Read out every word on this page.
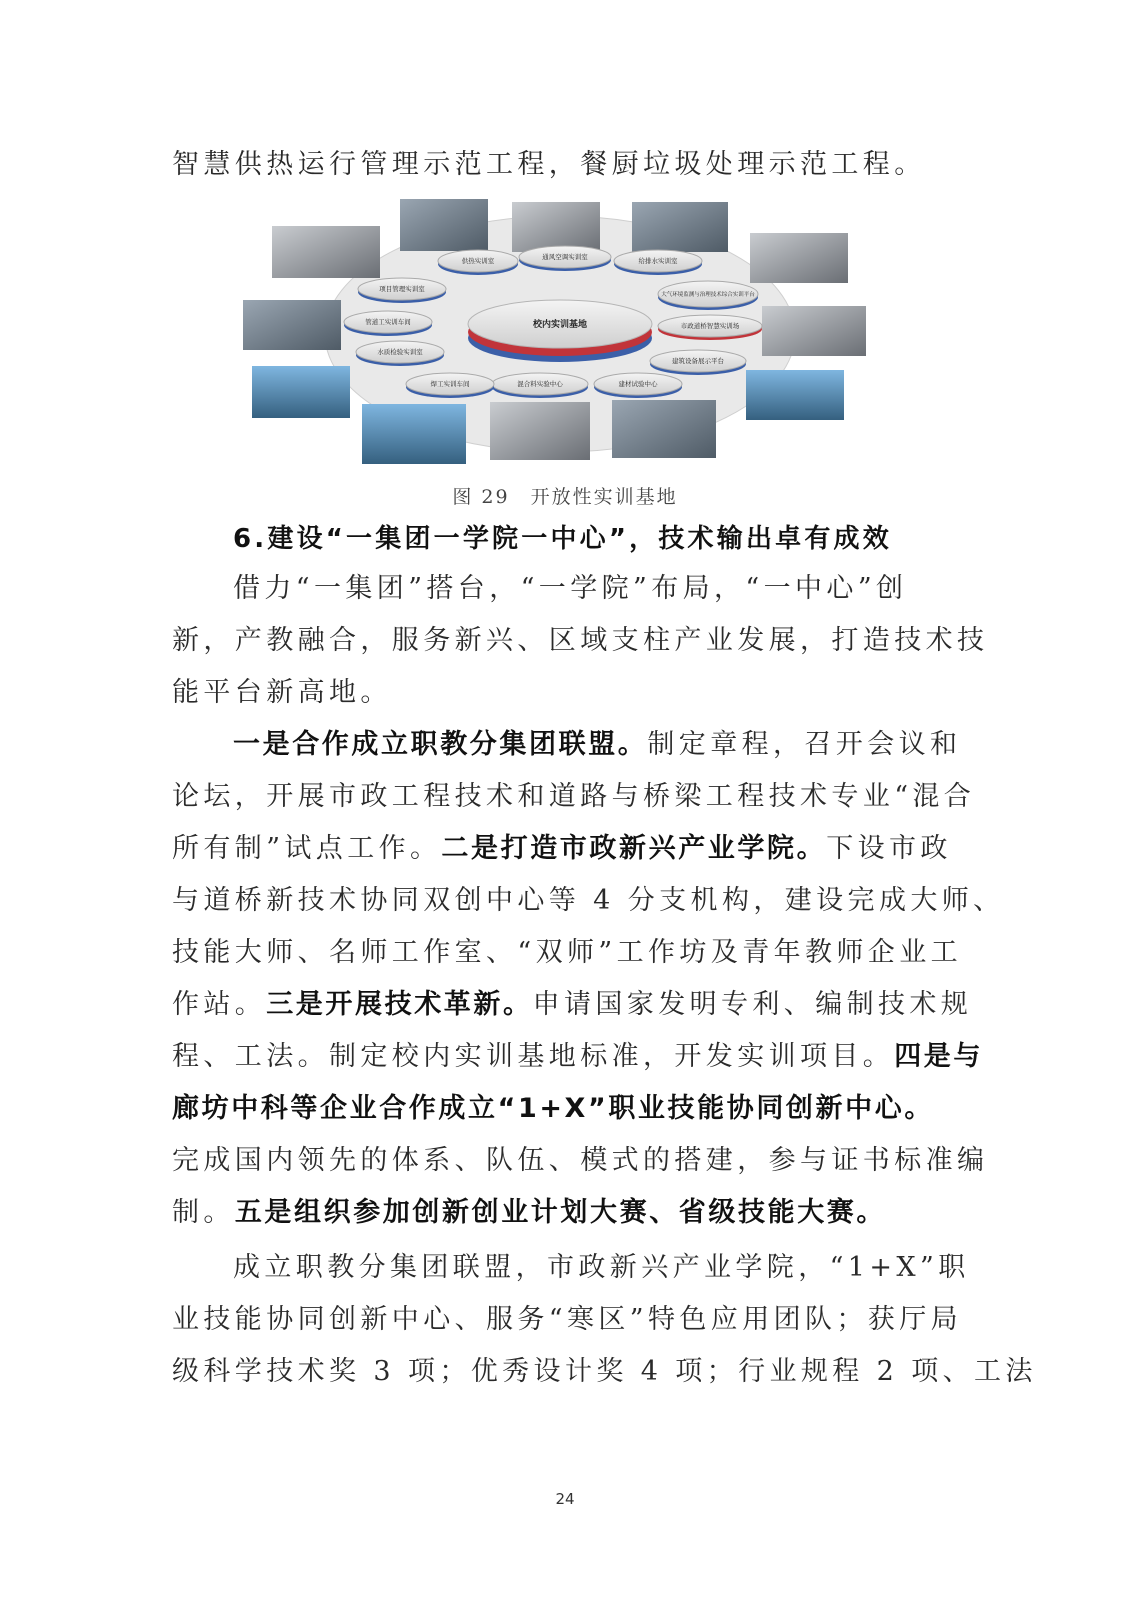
智慧供热运行管理示范工程，餐厨垃圾处理示范工程。
校内实训基地
供热实训室	通风空调实训室	给排水实训室
大气环境监测与治理技术综合实训平台
市政道桥智慧实训场
建筑设备展示平台
建材试验中心
混合料实验中心
焊工实训车间
水质检验实训室
管道工实训车间
项目管理实训室
图 29　开放性实训基地
6.建设“一集团一学院一中心”，技术输出卓有成效
借力“一集团”搭台，“一学院”布局，“一中心”创
新，产教融合，服务新兴、区域支柱产业发展，打造技术技
能平台新高地。
一是合作成立职教分集团联盟。制定章程，召开会议和
论坛，开展市政工程技术和道路与桥梁工程技术专业“混合
所有制”试点工作。二是打造市政新兴产业学院。下设市政
与道桥新技术协同双创中心等 4 分支机构，建设完成大师、
技能大师、名师工作室、“双师”工作坊及青年教师企业工
作站。三是开展技术革新。申请国家发明专利、编制技术规
程、工法。制定校内实训基地标准，开发实训项目。四是与
廊坊中科等企业合作成立“1+X”职业技能协同创新中心。
完成国内领先的体系、队伍、模式的搭建，参与证书标准编
制。五是组织参加创新创业计划大赛、省级技能大赛。
成立职教分集团联盟，市政新兴产业学院，“1+X”职
业技能协同创新中心、服务“寒区”特色应用团队；获厅局
级科学技术奖 3 项；优秀设计奖 4 项；行业规程 2 项、工法
24
